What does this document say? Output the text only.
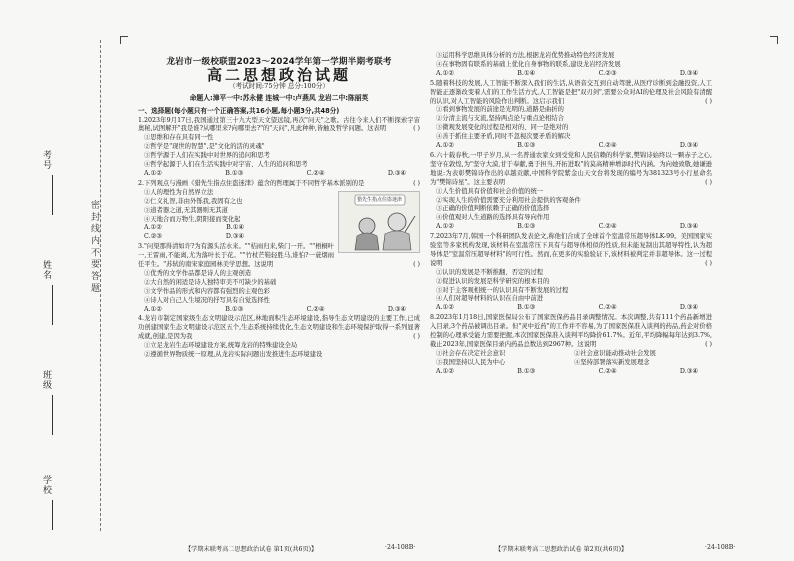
考号
姓名
班级
学校
密 封 线 内 不 要 答 题
龙岩市一级校联盟2023～2024学年第一学期半期考联考
高二思想政治试题
（考试时间:75分钟 总分:100分）
命题人:漳平一中:苏永健 连城一中:卢燕凤 龙岩二中:陈丽英
一、选择题(每小题只有一个正确答案,共16小题,每小题3分,共48分)
1.2023年9月17日,我国通过第三十九大型天文望远镜,再次"问天"之歌。古往今来人们不断探索宇宙奥秘,试图解开"我是谁?从哪里来?向哪里去?"的"天问",凡此种种,皆触及哲学问题。这表明	( )
①思维和存在具有同一性
②哲学是"现世的智慧",是"文化的活的灵魂"
③哲学源于人们在实践中对世界的追问和思考
④哲学起源于人们在生活实践中对宇宙、人生的追问和思考
A.①②	B.①③	C.②④	D.③④
2.下列观点与漫画《猎先生指点住盗迷津》蕴含的哲理属于不同哲学基本派别的是	( )
猎先生指点住盗迷津
①人的理性为自然界立法
②仁义礼智,非由外铄我,我固有之也
③道者器之道,无其器则无其道
④天地合而万物生,阴阳接而变化起
A.①②	B.①④
C.②③	D.③④
3."问渠那得清如许?为有源头活水来。""桔雨归来,柴门一开。""梧桐叶一,王雷雨,不能离,尤为落叶长于花。""竹杖芒鞋轻胜马,谁怕?一蓑烟雨任平生。"苏轼的南宋家庭园林美学思想。这说明	( )
①优秀的文学作品都是诗人的主观创造
②大自然的闲适是诗人独特审美不可缺少的基础
③文学作品的形式和内容都有强烈的主观色彩
④诗人对自己人生境况的抒写具有自觉选择性
A.①②	B.①③	C.②④	D.③④
4.龙岩市制定国家级生态文明建设示范区,林地面积生态环境建设,指导生态文明建设的主要工作,已成功创建国家生态文明建设示范区五个,生态系统持续优化,生态文明建设和生态环境保护取得一系列显著成就,创建,是因为我	( )
①立足龙岩生态环境建设方案,统筹龙岩的特殊建设全局
②遵循世界物质统一原理,从龙岩实际问题出发推进生态环境建设
③运用科学思维具体分析的方法,根据龙岩优势推动特色经济发展
④在事物固有联系的基础上优化自身事物的联系,建设龙岩经济发展
A.①②	B.①④	C.②③	D.③④
5.随着科技的发展,人工智能不断深入我们的生活,从语音交互到自动驾驶,从医疗诊断到金融投资,人工智能正逐渐改变着人们的工作生活方式,人工智能是把"双刃剑",需要公众对AI的伦理及社会风险有清醒的认识,对人工智能的风险作出判断。这启示我们	( )
①看到事物发展的前途是光明的,道路是曲折的
②分清主流与支流,坚持两点论与重点论相结合
③微观发展变化的过程是相对的、同一是绝对的
④善于抓住主要矛盾,同时不忽视次要矛盾的解决
A.①②	B.①③	C.②④	D.③④
6.六十载春秋,一甲子岁月,从一名普通农家女到受党和人民信赖的科学家,樊锦诗始终以一颗赤子之心,坚守在敦煌,为"坚守大漠,甘于奉献,勇于担当,开拓进取"的莫高精神增添时代内涵。为向她致敬,她谦逊地说:为表彰樊锦诗作出的卓越贡献,中国科学院紫金山天文台将发现的编号为381323号小行星命名为"樊锦诗星"。这主要表明	( )
①人生价值具有价值和社会价值的统一
②实现人生的价值需要充分利用社会提供的客观条件
③正确的价值判断依赖于正确的价值选择
④价值观对人生道路的选择具有导向作用
A.①②	B.①③	C.②④	D.③④
7.2023年7月,韩国一个科研团队发表论文,称他们合成了全球首个室温常压超导体LK-99。美国国家实验室等多家机构发现,该材料在室温常压下具有与超导体相似的性质,但未能复制出其超导特性,认为超导体是"室温常压超导材料"的可行性。然而,在更多的实验验证下,该材料被判定并非超导体。这一过程说明	( )
①认识的发展是不断推翻、否定的过程
②促进认识的发展是科学研究的根本目的
③对于主客观相统一的认识具有不断发展的过程
④人们对超导材料的认识在自由中前进
A.①②	B.①③	C.②④	D.③④
8.2023年1月18日,国家医保局公布了国家医保药品目录调整情况。本次调整,共有111个药品新增进入目录,3个药品被调出目录。但"灵中近药"的工作并不容易,为了国家医保准入谈判的药品,药企对价格控制的心理承受能力需要把握,本次国家医保准入谈判平均降价61.7%。近年,平均降幅每年达到3.7%,截止2023年,国家医保目录内药品总数达到2967种。这说明	( )
①社会存在决定社会意识	②社会意识能动推动社会发展
③我国坚持以人民为中心	④坚持部署落实新发展理念
A.①②	B.①③	C.②④	D.③④
【学期末联考高二思想政治试卷 第1页(共6页)】	·24-108B·	【学期末联考高二思想政治试卷 第2页(共6页)】	·24-108B·
